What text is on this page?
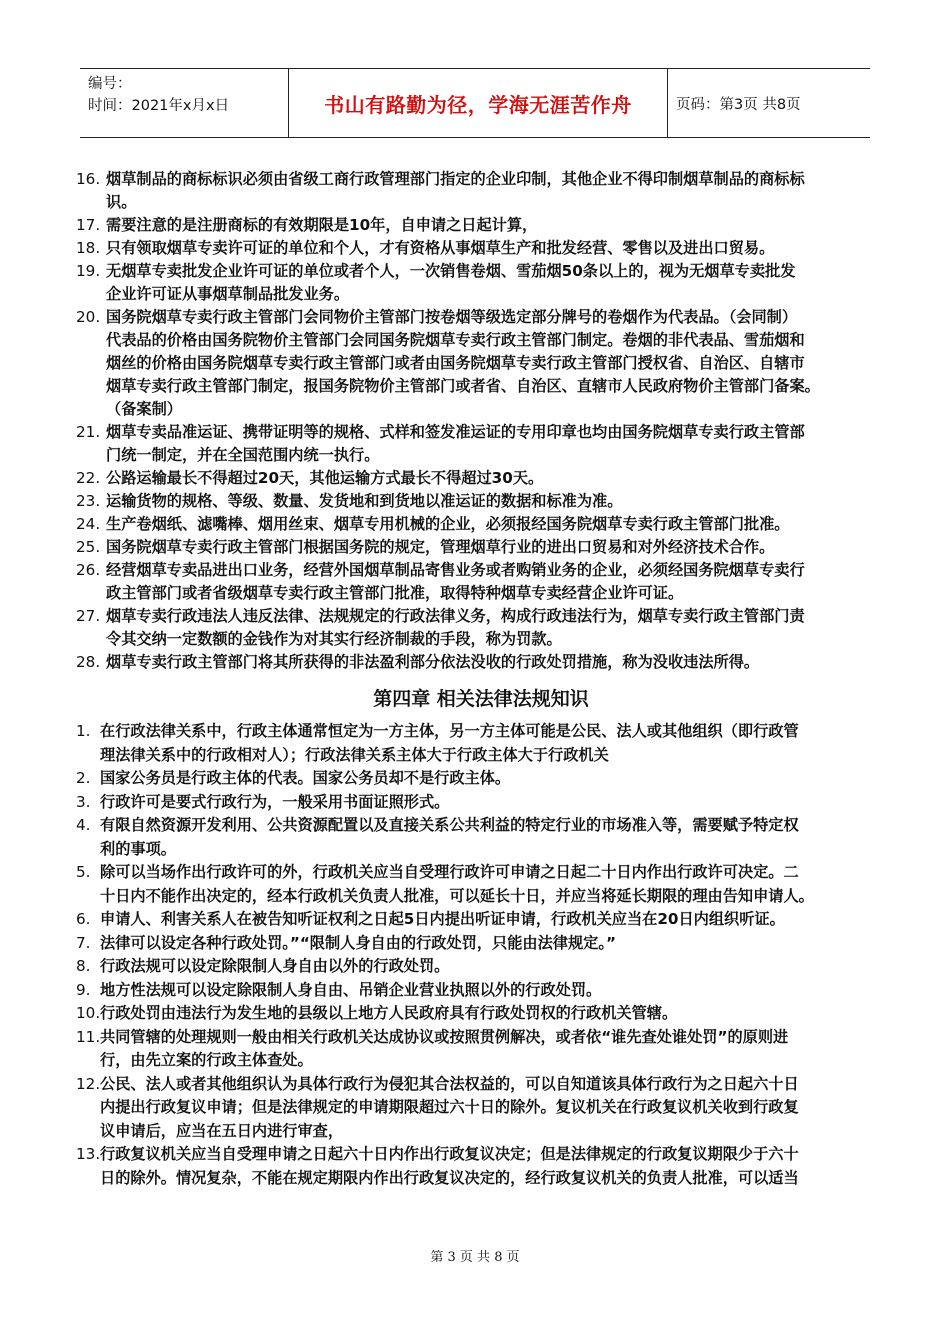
编号：
时间：2021年x月x日	书山有路勤为径，学海无涯苦作舟	页码：第3页 共8页
16. 烟草制品的商标标识必须由省级工商行政管理部门指定的企业印制，其他企业不得印制烟草制品的商标标
识。
17. 需要注意的是注册商标的有效期限是10年，自申请之日起计算，
18. 只有领取烟草专卖许可证的单位和个人，才有资格从事烟草生产和批发经营、零售以及进出口贸易。
19. 无烟草专卖批发企业许可证的单位或者个人，一次销售卷烟、雪茄烟50条以上的，视为无烟草专卖批发
企业许可证从事烟草制品批发业务。
20. 国务院烟草专卖行政主管部门会同物价主管部门按卷烟等级选定部分牌号的卷烟作为代表品。（会同制）
代表品的价格由国务院物价主管部门会同国务院烟草专卖行政主管部门制定。卷烟的非代表品、雪茄烟和
烟丝的价格由国务院烟草专卖行政主管部门或者由国务院烟草专卖行政主管部门授权省、自治区、自辖市
烟草专卖行政主管部门制定，报国务院物价主管部门或者省、自治区、直辖市人民政府物价主管部门备案。
（备案制）
21. 烟草专卖品准运证、携带证明等的规格、式样和签发准运证的专用印章也均由国务院烟草专卖行政主管部
门统一制定，并在全国范围内统一执行。
22. 公路运输最长不得超过20天，其他运输方式最长不得超过30天。
23. 运输货物的规格、等级、数量、发货地和到货地以准运证的数据和标准为准。
24. 生产卷烟纸、滤嘴棒、烟用丝束、烟草专用机械的企业，必须报经国务院烟草专卖行政主管部门批准。
25. 国务院烟草专卖行政主管部门根据国务院的规定，管理烟草行业的进出口贸易和对外经济技术合作。
26. 经营烟草专卖品进出口业务，经营外国烟草制品寄售业务或者购销业务的企业，必须经国务院烟草专卖行
政主管部门或者省级烟草专卖行政主管部门批准，取得特种烟草专卖经营企业许可证。
27. 烟草专卖行政违法人违反法律、法规规定的行政法律义务，构成行政违法行为，烟草专卖行政主管部门责
令其交纳一定数额的金钱作为对其实行经济制裁的手段，称为罚款。
28. 烟草专卖行政主管部门将其所获得的非法盈利部分依法没收的行政处罚措施，称为没收违法所得。
第四章 相关法律法规知识
1. 在行政法律关系中，行政主体通常恒定为一方主体，另一方主体可能是公民、法人或其他组织（即行政管
理法律关系中的行政相对人）；行政法律关系主体大于行政主体大于行政机关
2. 国家公务员是行政主体的代表。国家公务员却不是行政主体。
3. 行政许可是要式行政行为，一般采用书面证照形式。
4. 有限自然资源开发利用、公共资源配置以及直接关系公共利益的特定行业的市场准入等，需要赋予特定权
利的事项。
5. 除可以当场作出行政许可的外，行政机关应当自受理行政许可申请之日起二十日内作出行政许可决定。二
十日内不能作出决定的，经本行政机关负责人批准，可以延长十日，并应当将延长期限的理由告知申请人。
6. 申请人、利害关系人在被告知听证权利之日起5日内提出听证申请，行政机关应当在20日内组织听证。
7. 法律可以设定各种行政处罚。”“限制人身自由的行政处罚，只能由法律规定。”
8. 行政法规可以设定除限制人身自由以外的行政处罚。
9. 地方性法规可以设定除限制人身自由、吊销企业营业执照以外的行政处罚。
10. 行政处罚由违法行为发生地的县级以上地方人民政府具有行政处罚权的行政机关管辖。
11. 共同管辖的处理规则一般由相关行政机关达成协议或按照贯例解决，或者依“谁先查处谁处罚”的原则进
行，由先立案的行政主体查处。
12. 公民、法人或者其他组织认为具体行政行为侵犯其合法权益的，可以自知道该具体行政行为之日起六十日
内提出行政复议申请；但是法律规定的申请期限超过六十日的除外。复议机关在行政复议机关收到行政复
议申请后，应当在五日内进行审查，
13. 行政复议机关应当自受理申请之日起六十日内作出行政复议决定；但是法律规定的行政复议期限少于六十
日的除外。情况复杂，不能在规定期限内作出行政复议决定的，经行政复议机关的负责人批准，可以适当
第 3 页 共 8 页
